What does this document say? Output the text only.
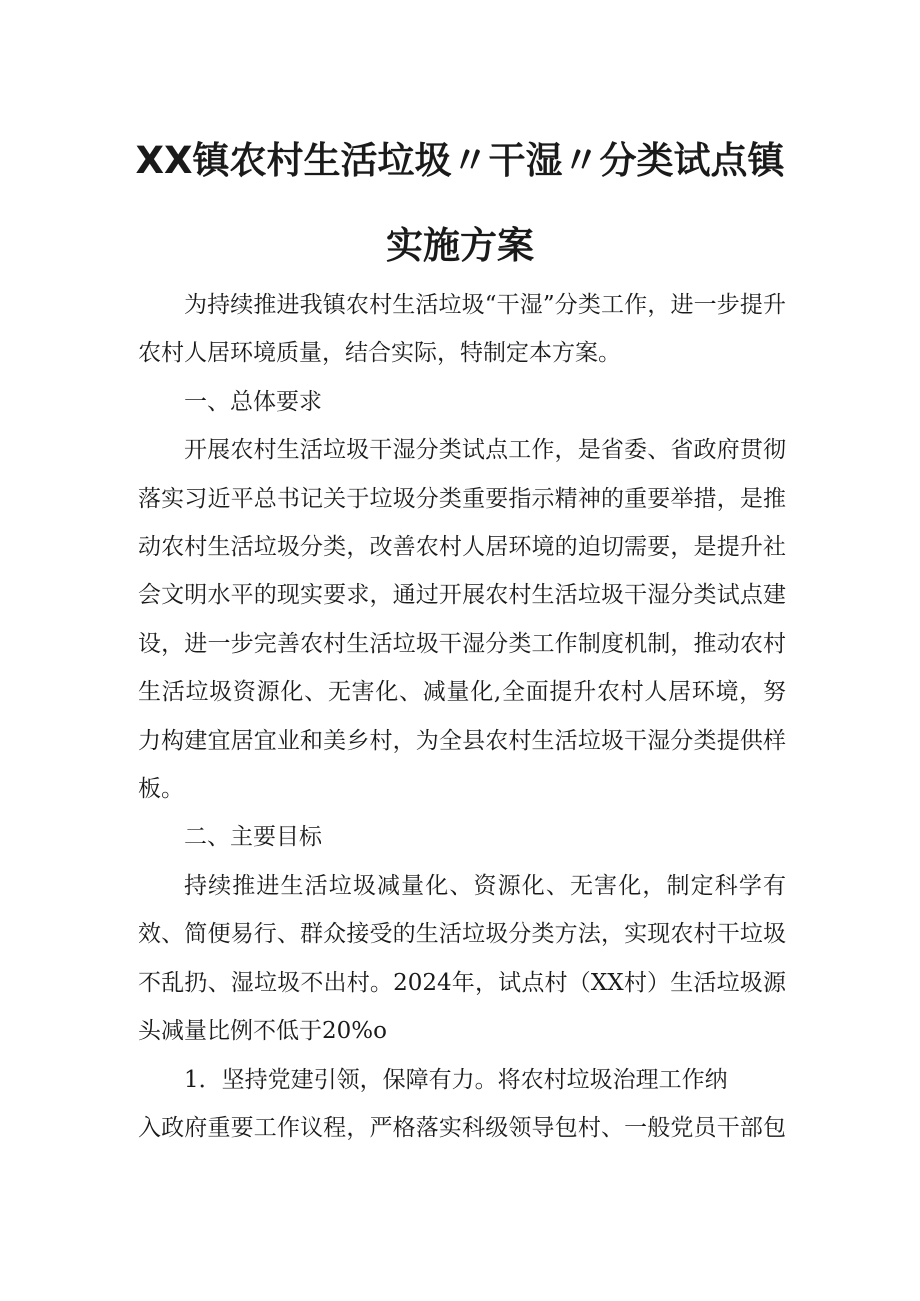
XX镇农村生活垃圾〃干湿〃分类试点镇
实施方案

为持续推进我镇农村生活垃圾“干湿”分类工作，进一步提升农村人居环境质量，结合实际，特制定本方案。

一、总体要求

开展农村生活垃圾干湿分类试点工作，是省委、省政府贯彻落实习近平总书记关于垃圾分类重要指示精神的重要举措，是推动农村生活垃圾分类，改善农村人居环境的迫切需要，是提升社会文明水平的现实要求，通过开展农村生活垃圾干湿分类试点建设，进一步完善农村生活垃圾干湿分类工作制度机制，推动农村生活垃圾资源化、无害化、减量化,全面提升农村人居环境，努力构建宜居宜业和美乡村，为全县农村生活垃圾干湿分类提供样板。

二、主要目标

持续推进生活垃圾减量化、资源化、无害化，制定科学有效、简便易行、群众接受的生活垃圾分类方法，实现农村干垃圾不乱扔、湿垃圾不出村。2024年，试点村（XX村）生活垃圾源头减量比例不低于20%o

1．坚持党建引领，保障有力。将农村垃圾治理工作纳

入政府重要工作议程，严格落实科级领导包村、一般党员干部包
